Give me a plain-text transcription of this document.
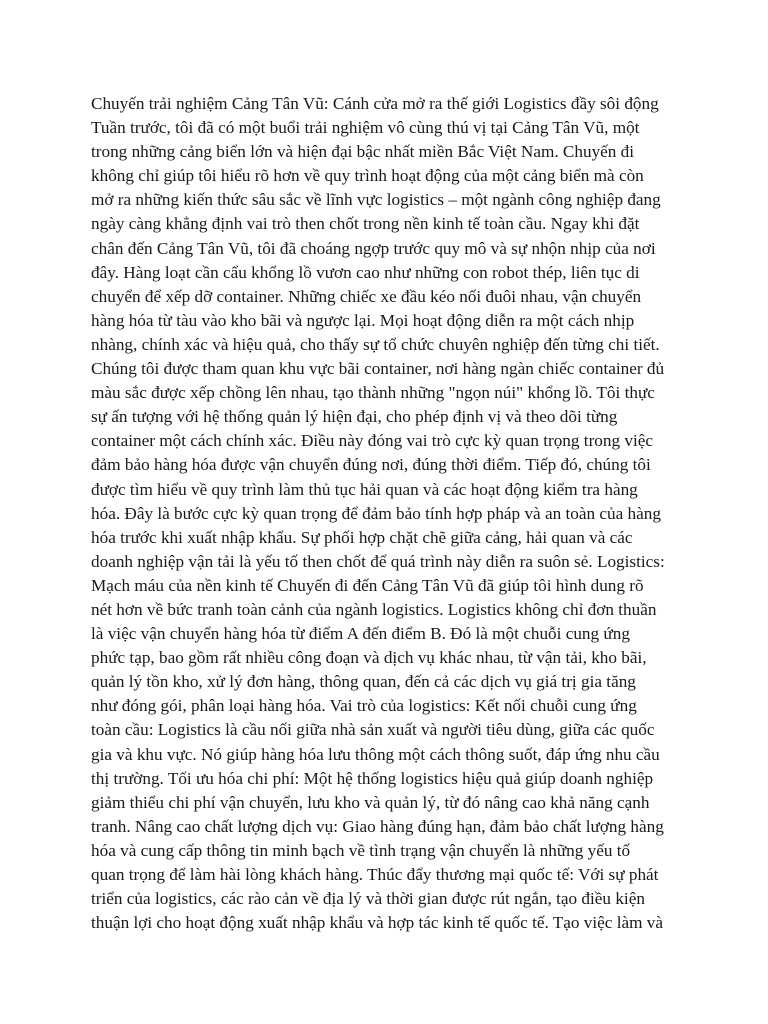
Chuyến trải nghiệm Cảng Tân Vũ: Cánh cửa mở ra thế giới Logistics đầy sôi động
Tuần trước, tôi đã có một buổi trải nghiệm vô cùng thú vị tại Cảng Tân Vũ, một
trong những cảng biển lớn và hiện đại bậc nhất miền Bắc Việt Nam. Chuyến đi
không chỉ giúp tôi hiểu rõ hơn về quy trình hoạt động của một cảng biển mà còn
mở ra những kiến thức sâu sắc về lĩnh vực logistics – một ngành công nghiệp đang
ngày càng khẳng định vai trò then chốt trong nền kinh tế toàn cầu. Ngay khi đặt
chân đến Cảng Tân Vũ, tôi đã choáng ngợp trước quy mô và sự nhộn nhịp của nơi
đây. Hàng loạt cần cẩu khổng lồ vươn cao như những con robot thép, liên tục di
chuyển để xếp dỡ container. Những chiếc xe đầu kéo nối đuôi nhau, vận chuyển
hàng hóa từ tàu vào kho bãi và ngược lại. Mọi hoạt động diễn ra một cách nhịp
nhàng, chính xác và hiệu quả, cho thấy sự tổ chức chuyên nghiệp đến từng chi tiết.
Chúng tôi được tham quan khu vực bãi container, nơi hàng ngàn chiếc container đủ
màu sắc được xếp chồng lên nhau, tạo thành những "ngọn núi" khổng lồ. Tôi thực
sự ấn tượng với hệ thống quản lý hiện đại, cho phép định vị và theo dõi từng
container một cách chính xác. Điều này đóng vai trò cực kỳ quan trọng trong việc
đảm bảo hàng hóa được vận chuyển đúng nơi, đúng thời điểm. Tiếp đó, chúng tôi
được tìm hiểu về quy trình làm thủ tục hải quan và các hoạt động kiểm tra hàng
hóa. Đây là bước cực kỳ quan trọng để đảm bảo tính hợp pháp và an toàn của hàng
hóa trước khi xuất nhập khẩu. Sự phối hợp chặt chẽ giữa cảng, hải quan và các
doanh nghiệp vận tải là yếu tố then chốt để quá trình này diễn ra suôn sẻ. Logistics:
Mạch máu của nền kinh tế Chuyến đi đến Cảng Tân Vũ đã giúp tôi hình dung rõ
nét hơn về bức tranh toàn cảnh của ngành logistics. Logistics không chỉ đơn thuần
là việc vận chuyển hàng hóa từ điểm A đến điểm B. Đó là một chuỗi cung ứng
phức tạp, bao gồm rất nhiều công đoạn và dịch vụ khác nhau, từ vận tải, kho bãi,
quản lý tồn kho, xử lý đơn hàng, thông quan, đến cả các dịch vụ giá trị gia tăng
như đóng gói, phân loại hàng hóa. Vai trò của logistics: Kết nối chuỗi cung ứng
toàn cầu: Logistics là cầu nối giữa nhà sản xuất và người tiêu dùng, giữa các quốc
gia và khu vực. Nó giúp hàng hóa lưu thông một cách thông suốt, đáp ứng nhu cầu
thị trường. Tối ưu hóa chi phí: Một hệ thống logistics hiệu quả giúp doanh nghiệp
giảm thiểu chi phí vận chuyển, lưu kho và quản lý, từ đó nâng cao khả năng cạnh
tranh. Nâng cao chất lượng dịch vụ: Giao hàng đúng hạn, đảm bảo chất lượng hàng
hóa và cung cấp thông tin minh bạch về tình trạng vận chuyển là những yếu tố
quan trọng để làm hài lòng khách hàng. Thúc đẩy thương mại quốc tế: Với sự phát
triển của logistics, các rào cản về địa lý và thời gian được rút ngắn, tạo điều kiện
thuận lợi cho hoạt động xuất nhập khẩu và hợp tác kinh tế quốc tế. Tạo việc làm và
